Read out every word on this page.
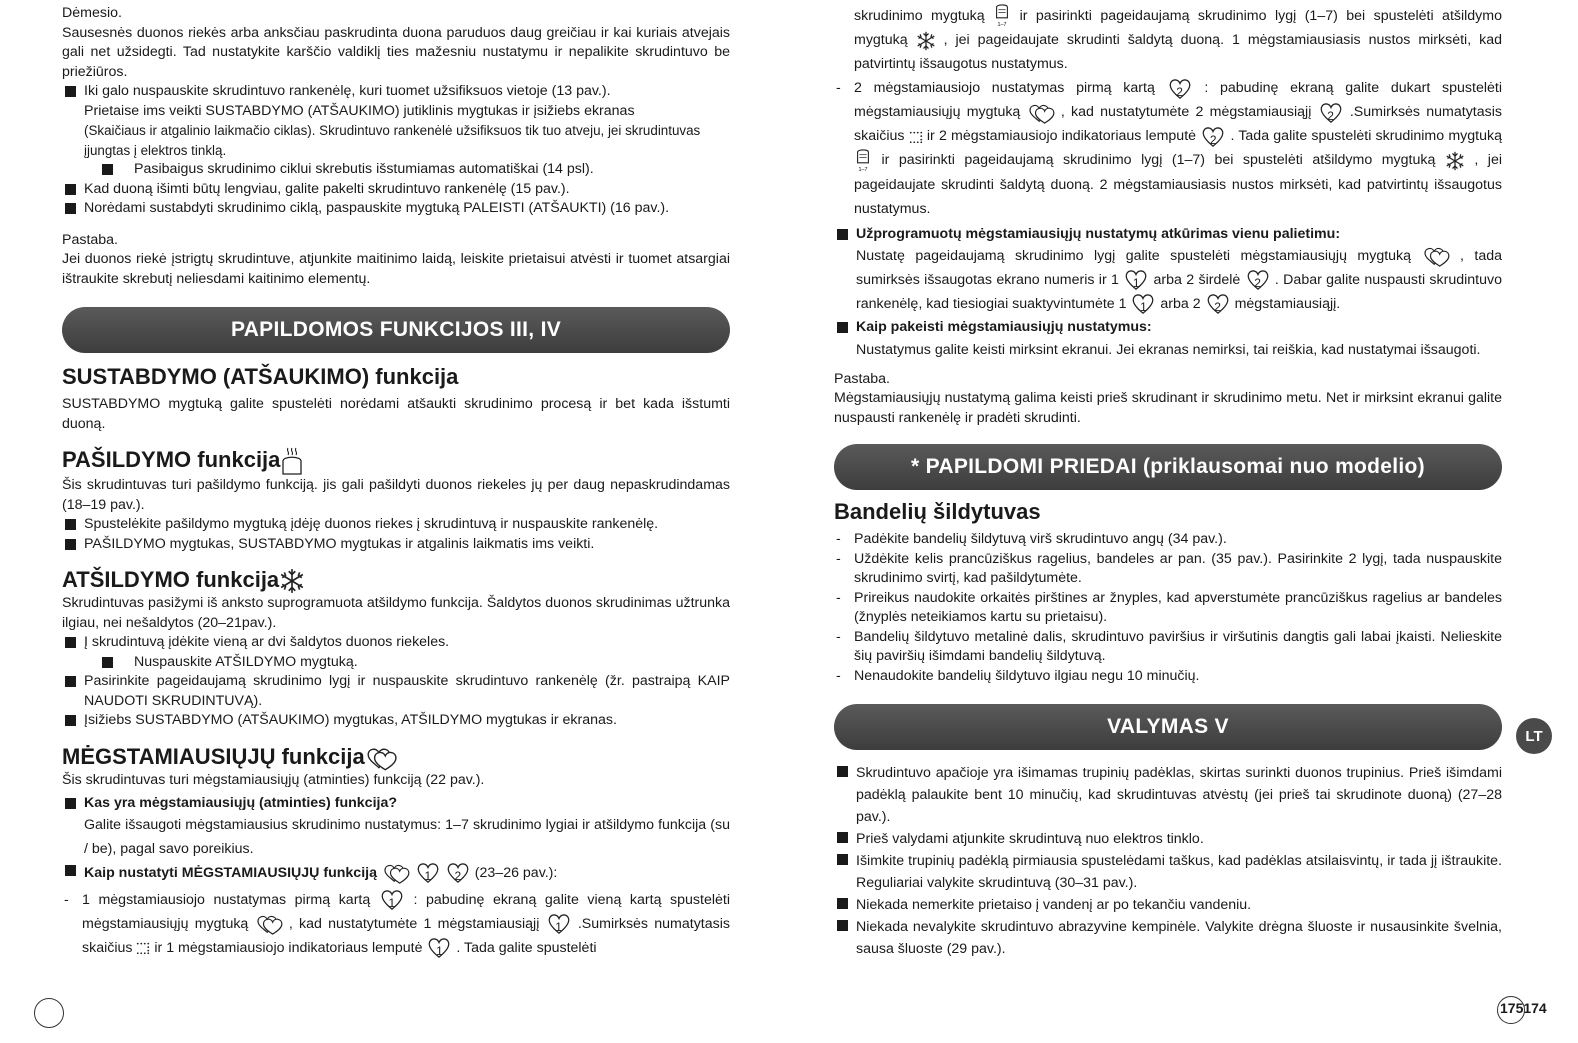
Dėmesio.

Sausesnės duonos riekės arba anksčiau paskrudinta duona paruduos daug greičiau ir kai kuriais atvejais gali net užsidegti. Tad nustatykite karščio valdiklį ties mažesniu nustatymu ir nepalikite skrudintuvo be priežiūros.

Iki galo nuspauskite skrudintuvo rankenėlę, kuri tuomet užsifiksuos vietoje (13 pav.).
Prietaise ims veikti SUSTABDYMO (ATŠAUKIMO) jutiklinis mygtukas ir įsižiebs ekranas
(Skaičiaus ir atgalinio laikmačio ciklas). Skrudintuvo rankenėlė užsifiksuos tik tuo atveju, jei skrudintuvas įjungtas į elektros tinklą.
Pasibaigus skrudinimo ciklui skrebutis išstumiamas automatiškai (14 psl).
Kad duoną išimti būtų lengviau, galite pakelti skrudintuvo rankenėlę (15 pav.).
Norėdami sustabdyti skrudinimo ciklą, paspauskite mygtuką PALEISTI (ATŠAUKTI) (16 pav.).

Pastaba.

Jei duonos riekė įstrigtų skrudintuve, atjunkite maitinimo laidą, leiskite prietaisui atvėsti ir tuomet atsargiai ištraukite skrebutį neliesdami kaitinimo elementų.

PAPILDOMOS FUNKCIJOS III, IV
SUSTABDYMO (ATŠAUKIMO) funkcija

SUSTABDYMO mygtuką galite spustelėti norėdami atšaukti skrudinimo procesą ir bet kada išstumti duoną.

PAŠILDYMO funkcija

Šis skrudintuvas turi pašildymo funkciją. jis gali pašildyti duonos riekeles jų per daug nepaskrudindamas (18–19 pav.).

Spustelėkite pašildymo mygtuką įdėję duonos riekes į skrudintuvą ir nuspauskite rankenėlę.
PAŠILDYMO mygtukas, SUSTABDYMO mygtukas ir atgalinis laikmatis ims veikti.
ATŠILDYMO funkcija

Skrudintuvas pasižymi iš anksto suprogramuota atšildymo funkcija. Šaldytos duonos skrudinimas užtrunka ilgiau, nei nešaldytos (20–21pav.).

Į skrudintuvą įdėkite vieną ar dvi šaldytos duonos riekeles.
Nuspauskite ATŠILDYMO mygtuką.
Pasirinkite pageidaujamą skrudinimo lygį ir nuspauskite skrudintuvo rankenėlę (žr. pastraipą KAIP NAUDOTI SKRUDINTUVĄ).
Įsižiebs SUSTABDYMO (ATŠAUKIMO) mygtukas, ATŠILDYMO mygtukas ir ekranas.
MĖGSTAMIAUSIŲJŲ funkcija

Šis skrudintuvas turi mėgstamiausiųjų (atminties) funkciją (22 pav.).

Kas yra mėgstamiausiųjų (atminties) funkcija?

Galite išsaugoti mėgstamiausius skrudinimo nustatymus: 1–7 skrudinimo lygiai ir atšildymo funkcija (su / be), pagal savo poreikius.

Kaip nustatyti MĖGSTAMIAUSIŲJŲ funkciją	1
	2 (23–26 pav.):
- 1 mėgstamiausiojo nustatymas pirmą kartą	1	: pabudinę ekraną galite vieną kartą spustelėti mėgstamiausiųjų mygtuką	, kad nustatytumėte 1 mėgstamiausiąjį	1	.Sumirksės numatytasis skaičius ir 1 mėgstamiausiojo indikatoriaus lemputė	1 . Tada galite spustelėti
skrudinimo mygtuką ir pasirinkti pageidaujamą skrudinimo lygį (1–7) bei spustelėti atšildymo mygtuką	, jei pageidaujate skrudinti šaldytą duoną. 1 mėgstamiausiasis nustos mirksėti, kad patvirtintų išsaugotus nustatymus.
- 2 mėgstamiausiojo nustatymas pirmą kartą	2	: pabudinę ekraną galite dukart spustelėti mėgstamiausiųjų mygtuką	, kad nustatytumėte 2 mėgstamiausiąjį	2	.Sumirksės numatytasis skaičius ir 2 mėgstamiausiojo indikatoriaus lemputė	2 . Tada galite spustelėti skrudinimo mygtuką  ir pasirinkti pageidaujamą skrudinimo lygį (1–7) bei spustelėti atšildymo mygtuką	, jei pageidaujate skrudinti šaldytą duoną. 2 mėgstamiausiasis nustos mirksėti, kad patvirtintų išsaugotus nustatymus.
Užprogramuotų mėgstamiausiųjų nustatymų atkūrimas vienu palietimu:
Nustatę pageidaujamą skrudinimo lygį galite spustelėti mėgstamiausiųjų mygtuką	, tada sumirksės išsaugotas ekrano numeris ir 1	1 arba 2 širdelė	2 . Dabar galite nuspausti skrudintuvo rankenėlę, kad tiesiogiai suaktyvintumėte 1	1 arba 2	2 mėgstamiausiąjį.
Kaip pakeisti mėgstamiausiųjų nustatymus:

Nustatymus galite keisti mirksint ekranui. Jei ekranas nemirksi, tai reiškia, kad nustatymai išsaugoti.

Pastaba.

Mėgstamiausiųjų nustatymą galima keisti prieš skrudinant ir skrudinimo metu. Net ir mirksint ekranui galite nuspausti rankenėlę ir pradėti skrudinti.

* PAPILDOMI PRIEDAI (priklausomai nuo modelio)
Bandelių šildytuvas
- Padėkite bandelių šildytuvą virš skrudintuvo angų (34 pav.).
- Uždėkite kelis prancūziškus ragelius, bandeles ar pan. (35 pav.). Pasirinkite 2 lygį, tada nuspauskite skrudinimo svirtį, kad pašildytumėte.
- Prireikus naudokite orkaitės pirštines ar žnyples, kad apverstumėte prancūziškus ragelius ar bandeles (žnyplės neteikiamos kartu su prietaisu).
- Bandelių šildytuvo metalinė dalis, skrudintuvo paviršius ir viršutinis dangtis gali labai įkaisti. Nelieskite šių paviršių išimdami bandelių šildytuvą.
- Nenaudokite bandelių šildytuvo ilgiau negu 10 minučių.
VALYMAS V
Skrudintuvo apačioje yra išimamas trupinių padėklas, skirtas surinkti duonos trupinius. Prieš išimdami padėklą palaukite bent 10 minučių, kad skrudintuvas atvėstų (jei prieš tai skrudinote duoną) (27–28 pav.).
Prieš valydami atjunkite skrudintuvą nuo elektros tinklo.
Išimkite trupinių padėklą pirmiausia spustelėdami taškus, kad padėklas atsilaisvintų, ir tada jį ištraukite. Reguliariai valykite skrudintuvą (30–31 pav.).
Niekada nemerkite prietaiso į vandenį ar po tekančiu vandeniu.
Niekada nevalykite skrudintuvo abrazyvine kempinėle. Valykite drėgna šluoste ir nusausinkite švelnia, sausa šluoste (29 pav.).
LT
175174
